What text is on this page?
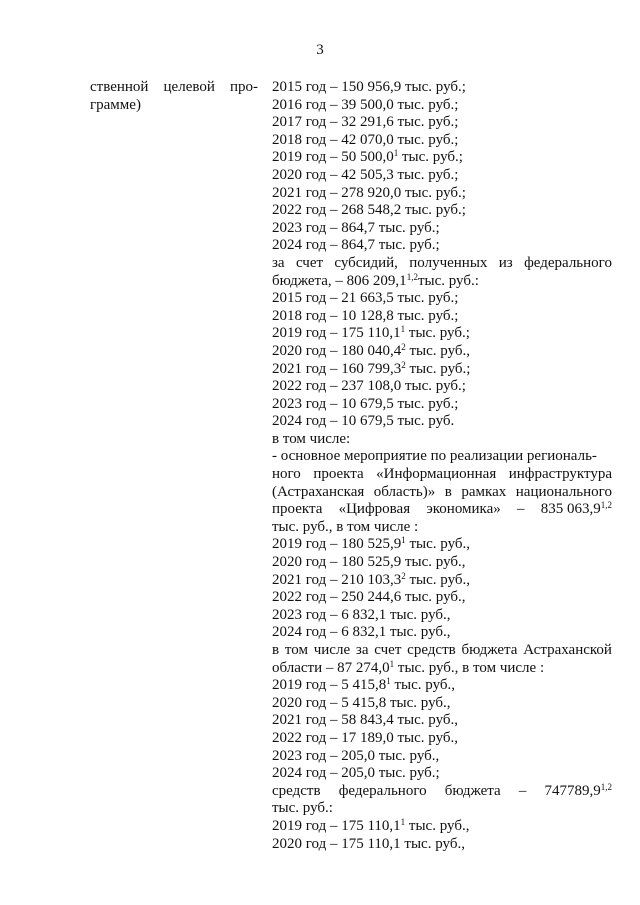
3
ственной целевой про-
грамме)
2015 год – 150 956,9 тыс. руб.;
2016 год – 39 500,0 тыс. руб.;
2017 год – 32 291,6 тыс. руб.;
2018 год – 42 070,0 тыс. руб.;
2019 год – 50 500,0$^1$ тыс. руб.;
2020 год – 42 505,3 тыс. руб.;
2021 год – 278 920,0 тыс. руб.;
2022 год – 268 548,2 тыс. руб.;
2023 год – 864,7 тыс. руб.;
2024 год – 864,7 тыс. руб.;
за счет субсидий, полученных из федерального
бюджета, – 806 209,1$^{1,2}$тыс. руб.:
2015 год – 21 663,5 тыс. руб.;
2018 год – 10 128,8 тыс. руб.;
2019 год – 175 110,1$^1$ тыс. руб.;
2020 год – 180 040,4$^2$ тыс. руб.,
2021 год – 160 799,3$^2$ тыс. руб.;
2022 год – 237 108,0 тыс. руб.;
2023 год – 10 679,5 тыс. руб.;
2024 год – 10 679,5 тыс. руб.
в том числе:
- основное мероприятие по реализации региональ-
ного проекта «Информационная инфраструктура
(Астраханская область)» в рамках национального
проекта «Цифровая экономика» – 835 063,9$^{1,2}$
тыс. руб., в том числе :
2019 год – 180 525,9$^1$ тыс. руб.,
2020 год – 180 525,9 тыс. руб.,
2021 год – 210 103,3$^2$ тыс. руб.,
2022 год – 250 244,6 тыс. руб.,
2023 год – 6 832,1 тыс. руб.,
2024 год – 6 832,1 тыс. руб.,
в том числе за счет средств бюджета Астраханской
области – 87 274,0$^1$ тыс. руб., в том числе :
2019 год – 5 415,8$^1$ тыс. руб.,
2020 год – 5 415,8 тыс. руб.,
2021 год – 58 843,4 тыс. руб.,
2022 год – 17 189,0 тыс. руб.,
2023 год – 205,0 тыс. руб.,
2024 год – 205,0 тыс. руб.;
средств федерального бюджета – 747789,9$^{1,2}$
тыс. руб.:
2019 год – 175 110,1$^1$ тыс. руб.,
2020 год – 175 110,1 тыс. руб.,
